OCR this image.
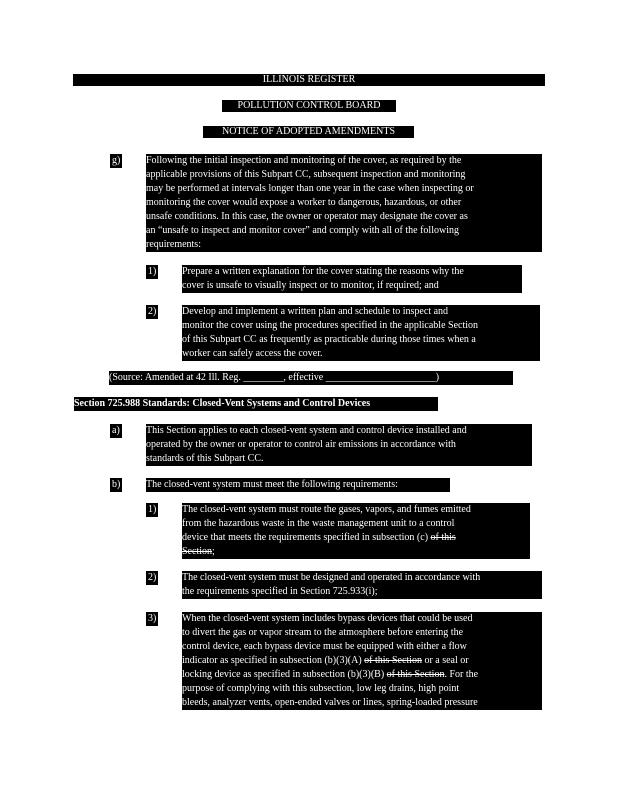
ILLINOIS REGISTER
POLLUTION CONTROL BOARD
NOTICE OF ADOPTED AMENDMENTS
g)	Following the initial inspection and monitoring of the cover, as required by the
applicable provisions of this Subpart CC, subsequent inspection and monitoring
may be performed at intervals longer than one year in the case when inspecting or
monitoring the cover would expose a worker to dangerous, hazardous, or other
unsafe conditions. In this case, the owner or operator may designate the cover as
an “unsafe to inspect and monitor cover” and comply with all of the following
requirements:
1)	Prepare a written explanation for the cover stating the reasons why the
cover is unsafe to visually inspect or to monitor, if required; and
2)	Develop and implement a written plan and schedule to inspect and
monitor the cover using the procedures specified in the applicable Section
of this Subpart CC as frequently as practicable during those times when a
worker can safely access the cover.
(Source: Amended at 42 Ill. Reg. ________, effective ______________________)
Section 725.988 Standards: Closed-Vent Systems and Control Devices
a)	This Section applies to each closed-vent system and control device installed and
operated by the owner or operator to control air emissions in accordance with
standards of this Subpart CC.
b)	The closed-vent system must meet the following requirements:
1)	The closed-vent system must route the gases, vapors, and fumes emitted
from the hazardous waste in the waste management unit to a control
device that meets the requirements specified in subsection (c) of this
Section;
2)	The closed-vent system must be designed and operated in accordance with
the requirements specified in Section 725.933(i);
3)	When the closed-vent system includes bypass devices that could be used
to divert the gas or vapor stream to the atmosphere before entering the
control device, each bypass device must be equipped with either a flow
indicator as specified in subsection (b)(3)(A) of this Section or a seal or
locking device as specified in subsection (b)(3)(B) of this Section. For the
purpose of complying with this subsection, low leg drains, high point
bleeds, analyzer vents, open-ended valves or lines, spring-loaded pressure
